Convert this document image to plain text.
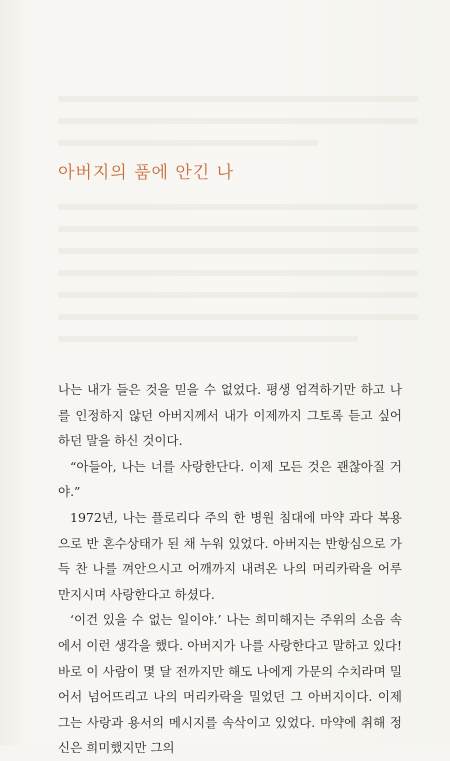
아버지의 품에 안긴 나

나는 내가 들은 것을 믿을 수 없었다. 평생 엄격하기만 하고 나를 인정하지 않던 아버지께서 내가 이제까지 그토록 듣고 싶어 하던 말을 하신 것이다.

“아들아, 나는 너를 사랑한단다. 이제 모든 것은 괜찮아질 거야.”

1972년, 나는 플로리다 주의 한 병원 침대에 마약 과다 복용으로 반 혼수상태가 된 채 누워 있었다. 아버지는 반항심으로 가득 찬 나를 껴안으시고 어깨까지 내려온 나의 머리카락을 어루만지시며 사랑한다고 하셨다.

‘이건 있을 수 없는 일이야.’ 나는 희미해지는 주위의 소음 속에서 이런 생각을 했다. 아버지가 나를 사랑한다고 말하고 있다! 바로 이 사람이 몇 달 전까지만 해도 나에게 가문의 수치라며 밀어서 넘어뜨리고 나의 머리카락을 밀었던 그 아버지이다. 이제 그는 사랑과 용서의 메시지를 속삭이고 있었다. 마약에 취해 정신은 희미했지만 그의
